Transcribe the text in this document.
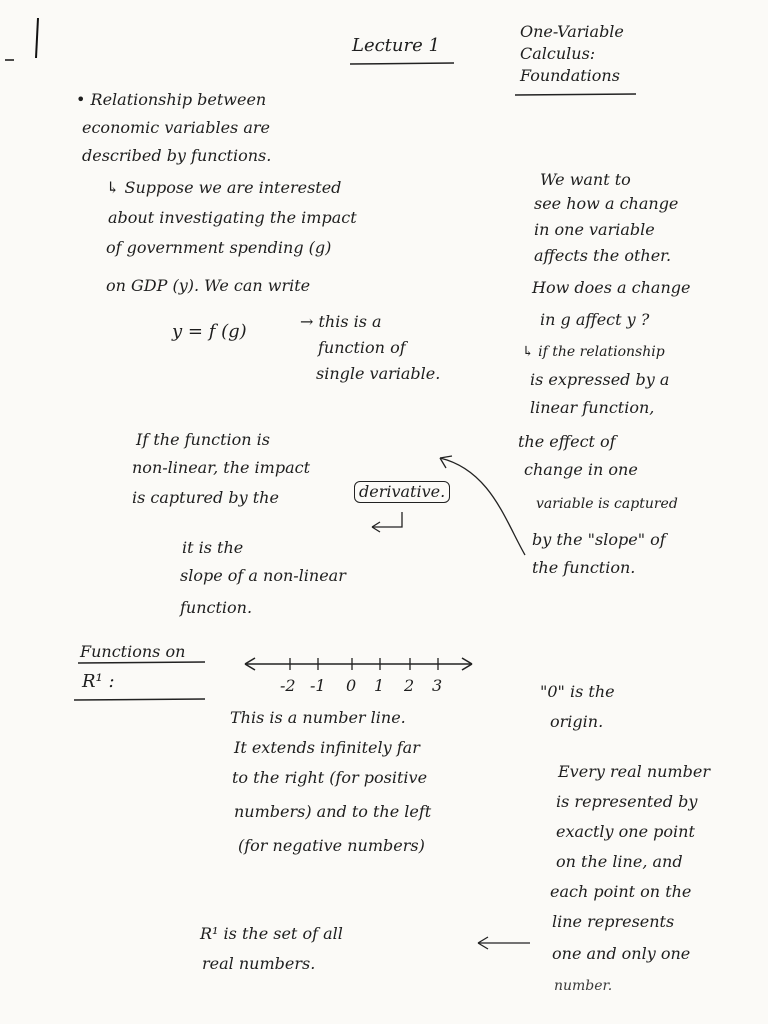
Lecture 1
One-Variable
Calculus:
Foundations
• Relationship between
economic variables are
described by functions.
↳ Suppose we are interested
about investigating the impact
of government spending (g)
on GDP (y). We can write
y = f (g)	→ this is a
function of
single variable.
If the function is
non-linear, the impact
is captured by the	derivative.
it is the
slope of a non-linear
function.
We want to
see how a change
in one variable
affects the other.
How does a change
in g affect y ?
↳ if the relationship
is expressed by a
linear function,
the effect of
change in one
variable is captured
by the "slope" of
the function.
Functions on
R¹ :	-2 -1 0 1 2 3
This is a number line.
It extends infinitely far
to the right (for positive
numbers) and to the left
(for negative numbers)
"0" is the
origin.
Every real number
is represented by
exactly one point
on the line, and
each point on the
line represents
one and only one
number.
R¹ is the set of all
real numbers.
